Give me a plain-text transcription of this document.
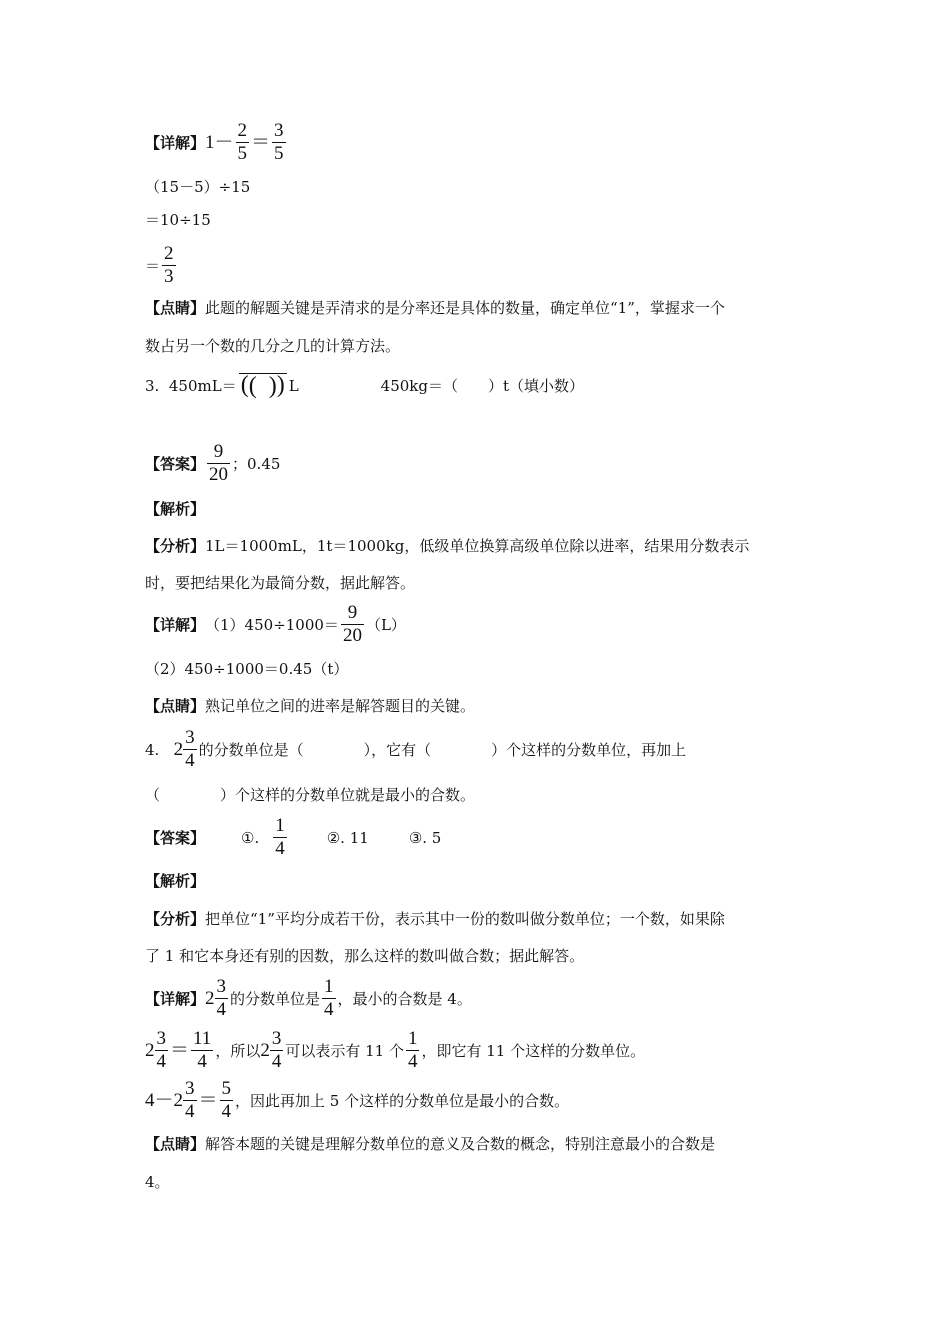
【详解】$1- \frac{2}{5} = \frac{3}{5}$
（15－5）÷15
＝10÷15
＝ $\frac{2}{3}$
【点睛】此题的解题关键是弄清求的是分率还是具体的数量，确定单位“1”，掌握求一个
数占另一个数的几分之几的计算方法。
3. $450mL= \frac{( )}{( )}$ L	450kg＝（　　）t（填小数）
【答案】 $\frac{9}{20}$ ；0.45
【解析】
【分析】1L＝1000mL，1t＝1000kg，低级单位换算高级单位除以进率，结果用分数表示
时，要把结果化为最简分数，据此解答。
【详解】$(1)450\div 1000= \frac{9}{20} (L)$
（2）450÷1000＝0.45（t）
【点睛】熟记单位之间的进率是解答题目的关键。
4. $2 \frac{3}{4}$ 的分数单位是（　　　　），它有（　　　　）个这样的分数单位，再加上
（　　　　）个这样的分数单位就是最小的合数。
【答案】 ①. $\frac{1}{4}$	②. 11	③. 5
【解析】
【分析】把单位“1”平均分成若干份，表示其中一份的数叫做分数单位；一个数，如果除
了 1 和它本身还有别的因数，那么这样的数叫做合数；据此解答。
【详解】$2 \frac{3}{4}$ 的分数单位是 $\frac{1}{4}$ ，最小的合数是 4。
$2 \frac{3}{4} = \frac{11}{4}$ ，所以$2 \frac{3}{4}$ 可以表示有 11 个 $\frac{1}{4}$ ，即它有 11 个这样的分数单位。
$4-2 \frac{3}{4} = \frac{5}{4}$ ，因此再加上 5 个这样的分数单位是最小的合数。
【点睛】解答本题的关键是理解分数单位的意义及合数的概念，特别注意最小的合数是
4。
